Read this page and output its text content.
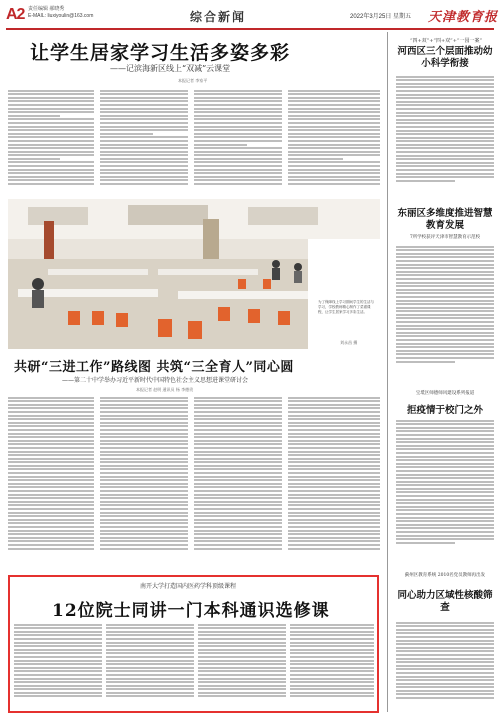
A2 责任编辑 郝晓秀
E-MAIL: liuxiyoulin@163.com	综合新闻	2022年3月25日 星期五 天津教育报
让学生居家学习生活多姿多彩
——记滨海新区线上“双减”云课堂
本报记者 李家平
为了保障线上学习期间学生的生活与学习，学校教师精心制作了菜谱课程，让学生居家学习多彩生活。
刘永昌 摄
共研“三进工作”路线图 共筑“三全育人”同心圆
——第二十中学举办习近平新时代中国特色社会主义思想进课堂研讨会
本报记者 赵明 通讯员 杨 李德贵
“四+双”+“四+双”+“一园一案”
河西区三个层面推动幼小科学衔接
东丽区多维度推进智慧教育发展
7所学校获评天津市智慧教育示范校
宝坻区师德师风建设系列报道
拒疫情于校门之外
蓟州区教育系统 2010名党员教师再出发
同心助力区域性核酸筛查
南开大学打造国内医药学科顶级课程
12位院士同讲一门本科通识选修课
